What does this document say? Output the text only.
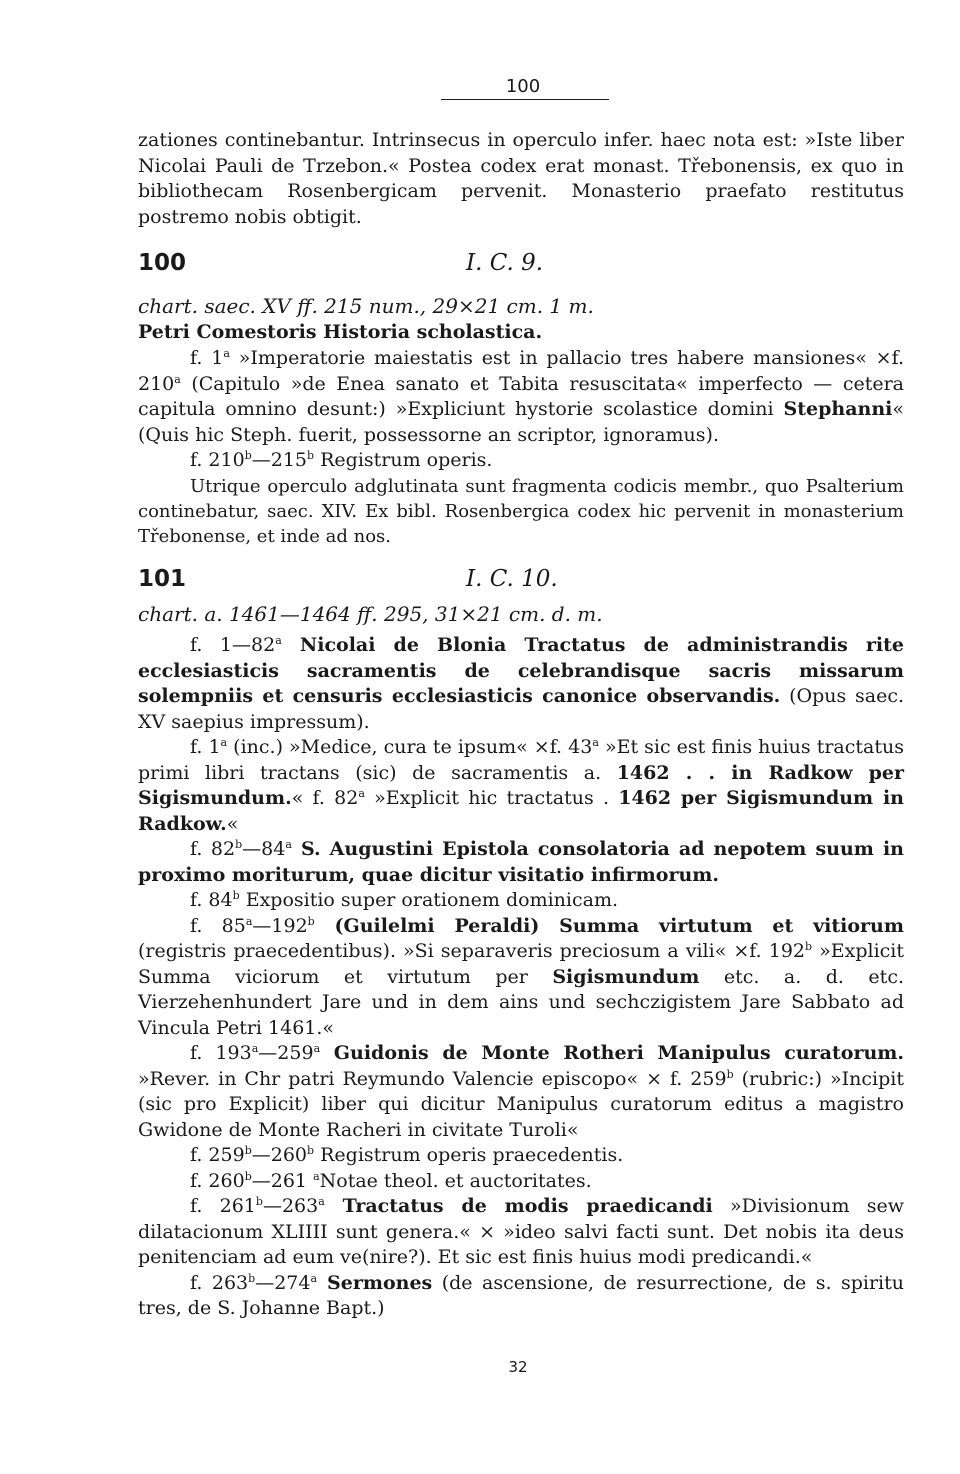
100

zationes continebantur. Intrinsecus in operculo infer. haec nota est: »Iste liber Nicolai Pauli de Trzebon.« Postea codex erat monast. Třebonensis, ex quo in bibliothecam Rosenbergicam pervenit. Monasterio praefato restitutus postremo nobis obtigit.

100	I. C. 9.
chart. saec. XV ff. 215 num., 29×21 cm. 1 m.
Petri Comestoris Historia scholastica.

f. 1$^a$ »Imperatorie maiestatis est in pallacio tres habere mansiones« ×f. 210$^a$ (Capitulo »de Enea sanato et Tabita resuscitata« imperfecto — cetera capitula omnino desunt:) »Expliciunt hystorie scolastice domini Stephanni« (Quis hic Steph. fuerit, possessorne an scriptor, ignoramus).

f. 210$^b$—215$^b$ Registrum operis.

Utrique operculo adglutinata sunt fragmenta codicis membr., quo Psalterium continebatur, saec. XIV. Ex bibl. Rosenbergica codex hic pervenit in monasterium Třebonense, et inde ad nos.

101	I. C. 10.
chart. a. 1461—1464 ff. 295, 31×21 cm. d. m.

f. 1—82$^a$ Nicolai de Blonia Tractatus de administrandis rite ecclesiasticis sacramentis de celebrandisque sacris missarum solempniis et censuris ecclesiasticis canonice observandis. (Opus saec. XV saepius impressum).

f. 1$^a$ (inc.) »Medice, cura te ipsum« ×f. 43$^a$ »Et sic est finis huius tractatus primi libri tractans (sic) de sacramentis a. 1462 . . in Radkow per Sigismundum.« f. 82$^a$ »Explicit hic tractatus . 1462 per Sigismundum in Radkow.«

f. 82$^b$—84$^a$ S. Augustini Epistola consolatoria ad nepotem suum in proximo moriturum, quae dicitur visitatio infirmorum.

f. 84$^b$ Expositio super orationem dominicam.

f. 85$^a$—192$^b$ (Guilelmi Peraldi) Summa virtutum et vitiorum (registris praecedentibus). »Si separaveris preciosum a vili« ×f. 192$^b$ »Explicit Summa viciorum et virtutum per Sigismundum etc. a. d. etc. Vierzehenhundert Jare und in dem ains und sechczigistem Jare Sabbato ad Vincula Petri 1461.«

f. 193$^a$—259$^a$ Guidonis de Monte Rotheri Manipulus curatorum. »Rever. in Chr patri Reymundo Valencie episcopo« × f. 259$^b$ (rubric:) »Incipit (sic pro Explicit) liber qui dicitur Manipulus curatorum editus a magistro Gwidone de Monte Racheri in civitate Turoli«

f. 259$^b$—260$^b$ Registrum operis praecedentis.

f. 260$^b$—261 $^a$Notae theol. et auctoritates.

f. 261$^b$—263$^a$ Tractatus de modis praedicandi »Divisionum sew dilatacionum XLIIII sunt genera.« × »ideo salvi facti sunt. Det nobis ita deus penitenciam ad eum ve(nire?). Et sic est finis huius modi predicandi.«

f. 263$^b$—274$^a$ Sermones (de ascensione, de resurrectione, de s. spiritu tres, de S. Johanne Bapt.)

32
